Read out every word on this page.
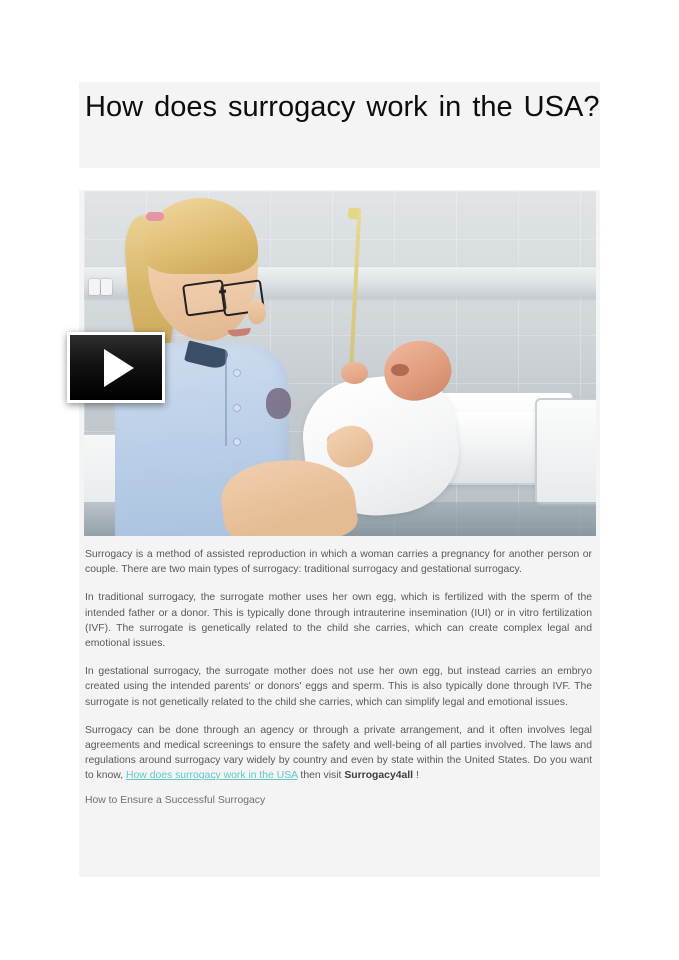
How does surrogacy work in the USA?

Surrogacy is a method of assisted reproduction in which a woman carries a pregnancy for another person or couple. There are two main types of surrogacy: traditional surrogacy and gestational surrogacy.

In traditional surrogacy, the surrogate mother uses her own egg, which is fertilized with the sperm of the intended father or a donor. This is typically done through intrauterine insemination (IUI) or in vitro fertilization (IVF). The surrogate is genetically related to the child she carries, which can create complex legal and emotional issues.

In gestational surrogacy, the surrogate mother does not use her own egg, but instead carries an embryo created using the intended parents' or donors' eggs and sperm. This is also typically done through IVF. The surrogate is not genetically related to the child she carries, which can simplify legal and emotional issues.

Surrogacy can be done through an agency or through a private arrangement, and it often involves legal agreements and medical screenings to ensure the safety and well-being of all parties involved. The laws and regulations around surrogacy vary widely by country and even by state within the United States. Do you want to know, How does surrogacy work in the USA then visit Surrogacy4all !

How to Ensure a Successful Surrogacy
